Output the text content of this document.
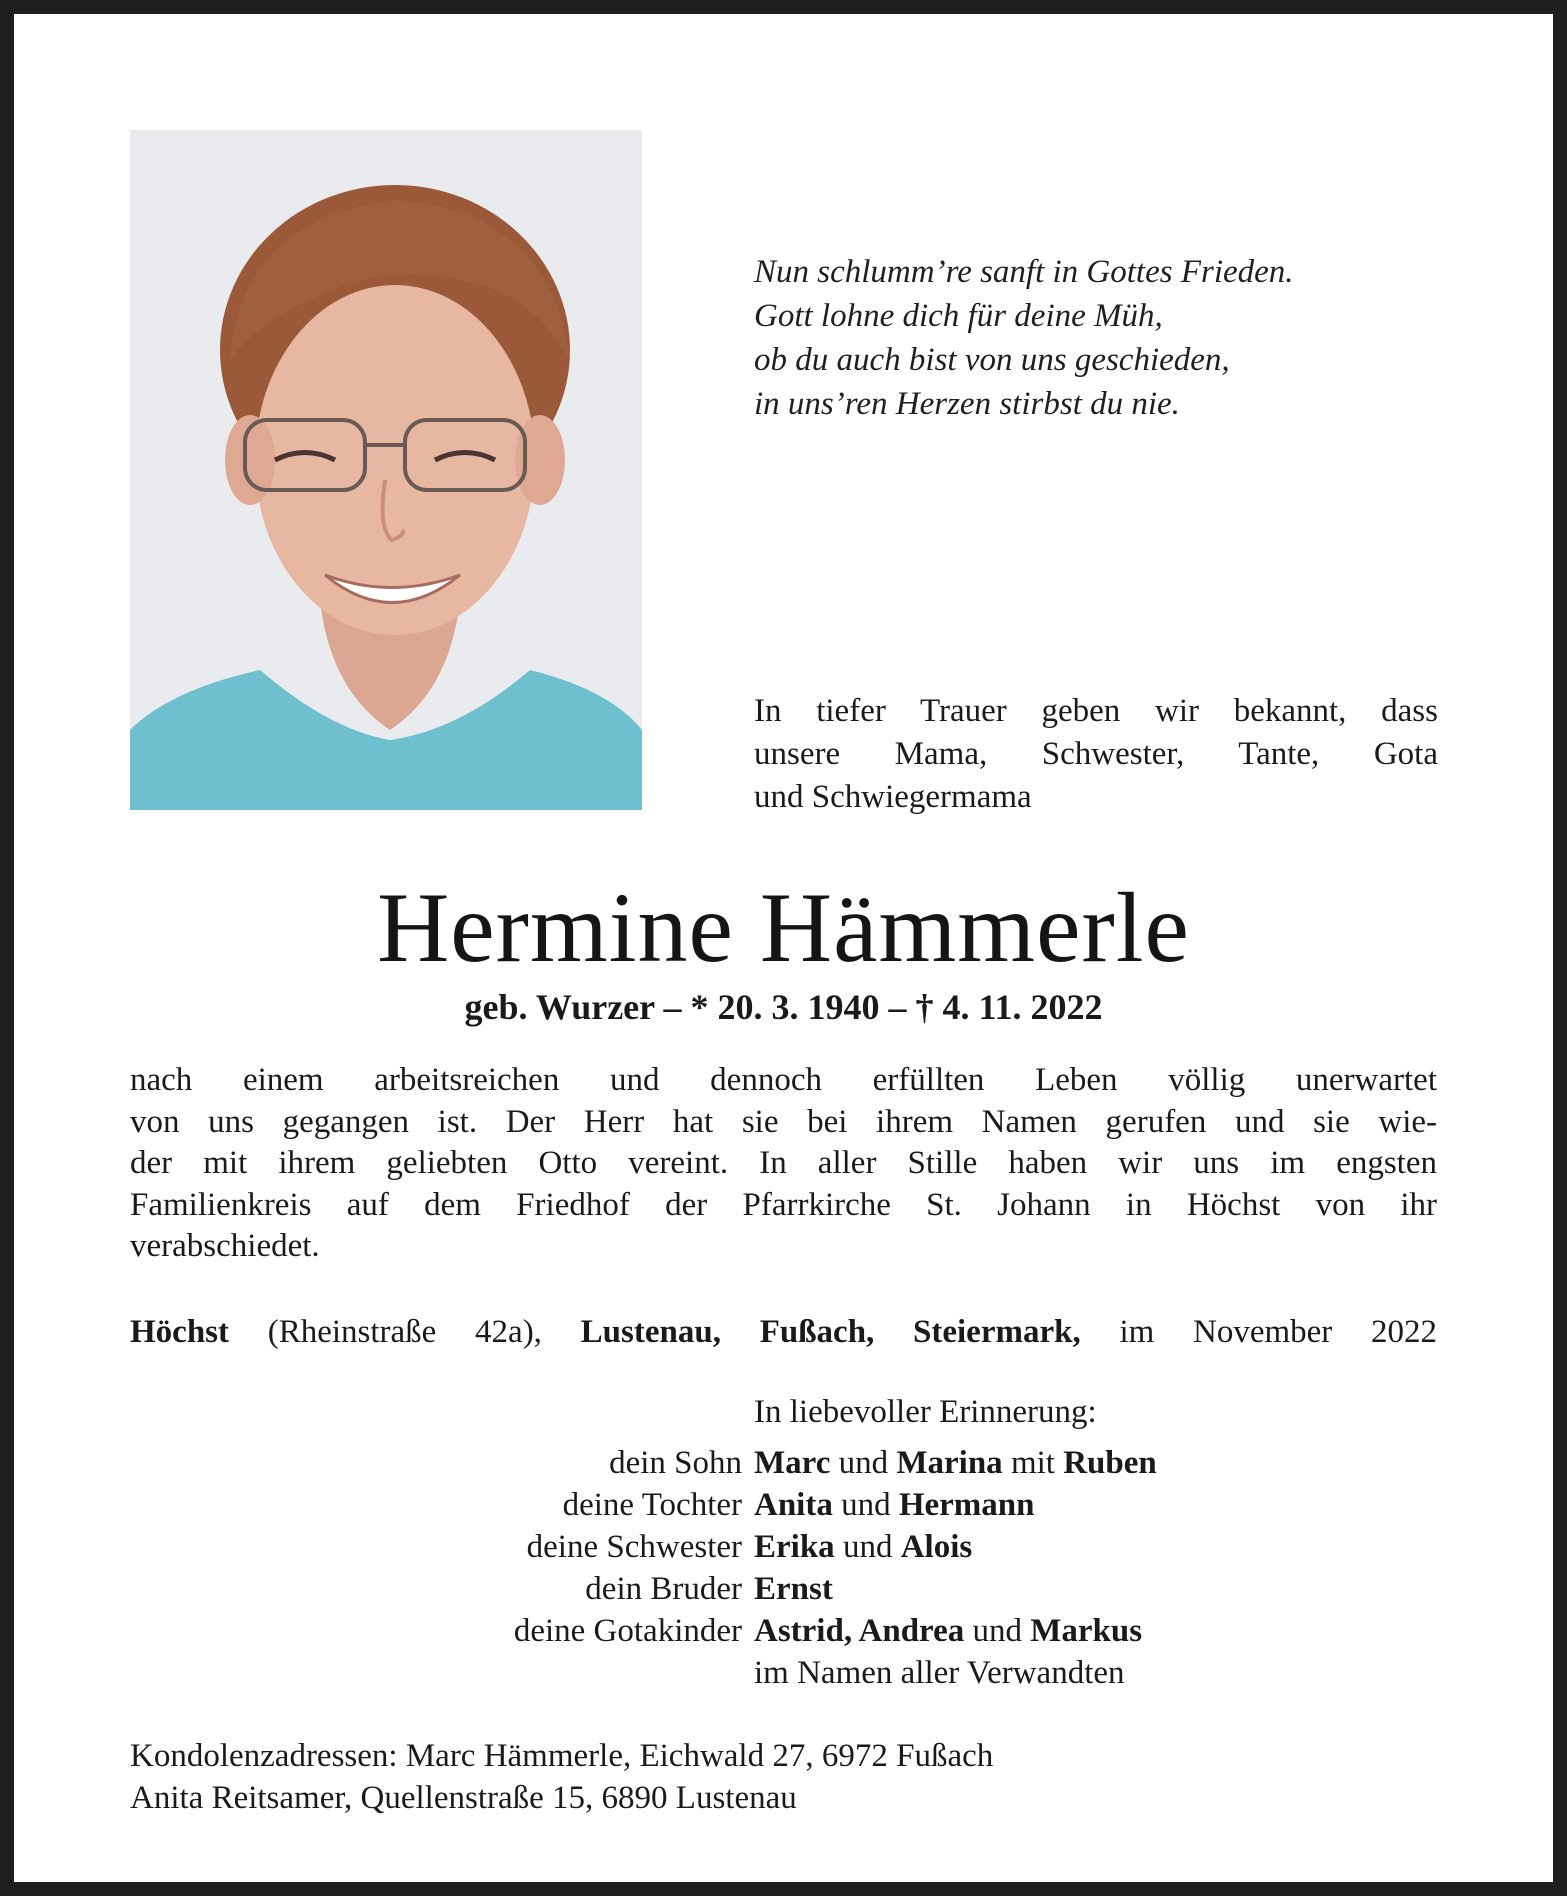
Nun schlumm’re sanft in Gottes Frieden.
Gott lohne dich für deine Müh,
ob du auch bist von uns geschieden,
in uns’ren Herzen stirbst du nie.
In tiefer Trauer geben wir bekannt, dass
unsere Mama, Schwester, Tante, Gota
und Schwiegermama
Hermine Hämmerle
geb. Wurzer – * 20. 3. 1940 – † 4. 11. 2022
nach einem arbeitsreichen und dennoch erfüllten Leben völlig unerwartet
von uns gegangen ist. Der Herr hat sie bei ihrem Namen gerufen und sie wie-
der mit ihrem geliebten Otto vereint. In aller Stille haben wir uns im engsten
Familienkreis auf dem Friedhof der Pfarrkirche St. Johann in Höchst von ihr
verabschiedet.
Höchst (Rheinstraße 42a), Lustenau, Fußach, Steiermark, im November 2022
In liebevoller Erinnerung:
dein Sohn Marc und Marina mit Ruben
deine Tochter Anita und Hermann
deine Schwester Erika und Alois
dein Bruder Ernst
deine Gotakinder Astrid, Andrea und Markus
im Namen aller Verwandten
Kondolenzadressen: Marc Hämmerle, Eichwald 27, 6972 Fußach
Anita Reitsamer, Quellenstraße 15, 6890 Lustenau
